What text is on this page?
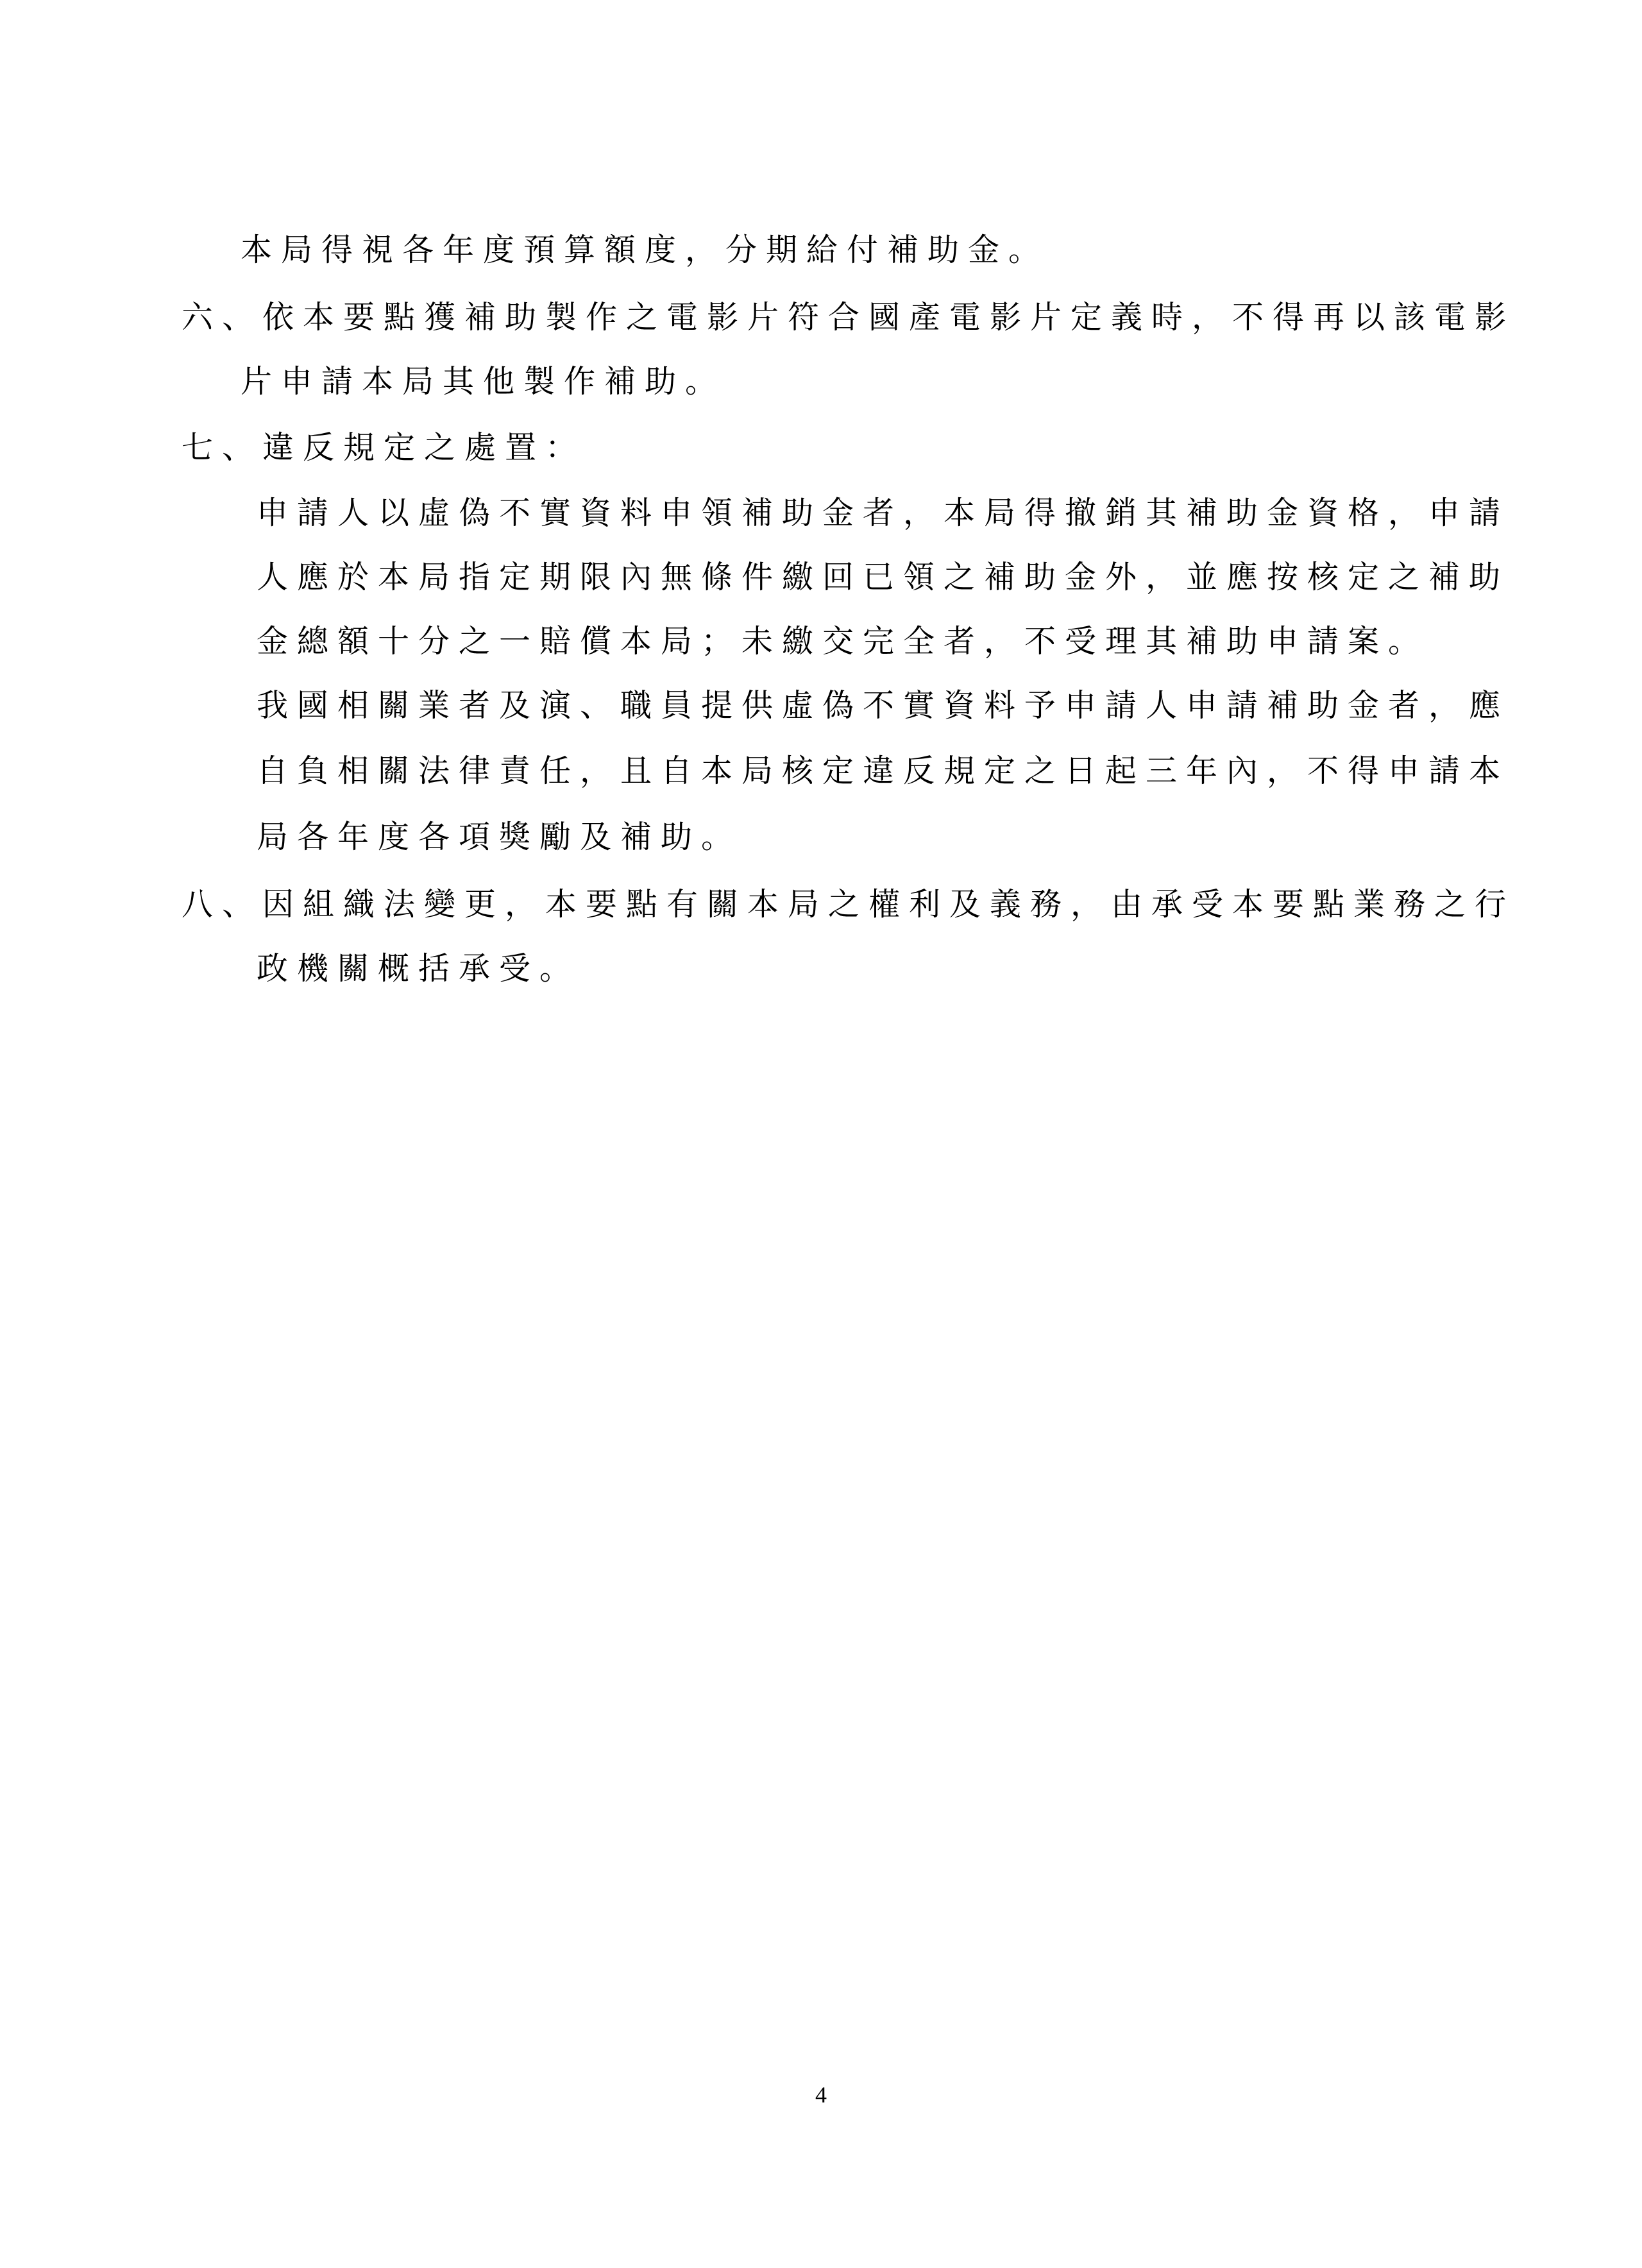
本局得視各年度預算額度，分期給付補助金。
六、依本要點獲補助製作之電影片符合國產電影片定義時，不得再以該電影
片申請本局其他製作補助。
七、違反規定之處置：
申請人以虛偽不實資料申領補助金者，本局得撤銷其補助金資格，申請
人應於本局指定期限內無條件繳回已領之補助金外，並應按核定之補助
金總額十分之一賠償本局；未繳交完全者，不受理其補助申請案。
我國相關業者及演、職員提供虛偽不實資料予申請人申請補助金者，應
自負相關法律責任，且自本局核定違反規定之日起三年內，不得申請本
局各年度各項獎勵及補助。
八、因組織法變更，本要點有關本局之權利及義務，由承受本要點業務之行
政機關概括承受。
4
